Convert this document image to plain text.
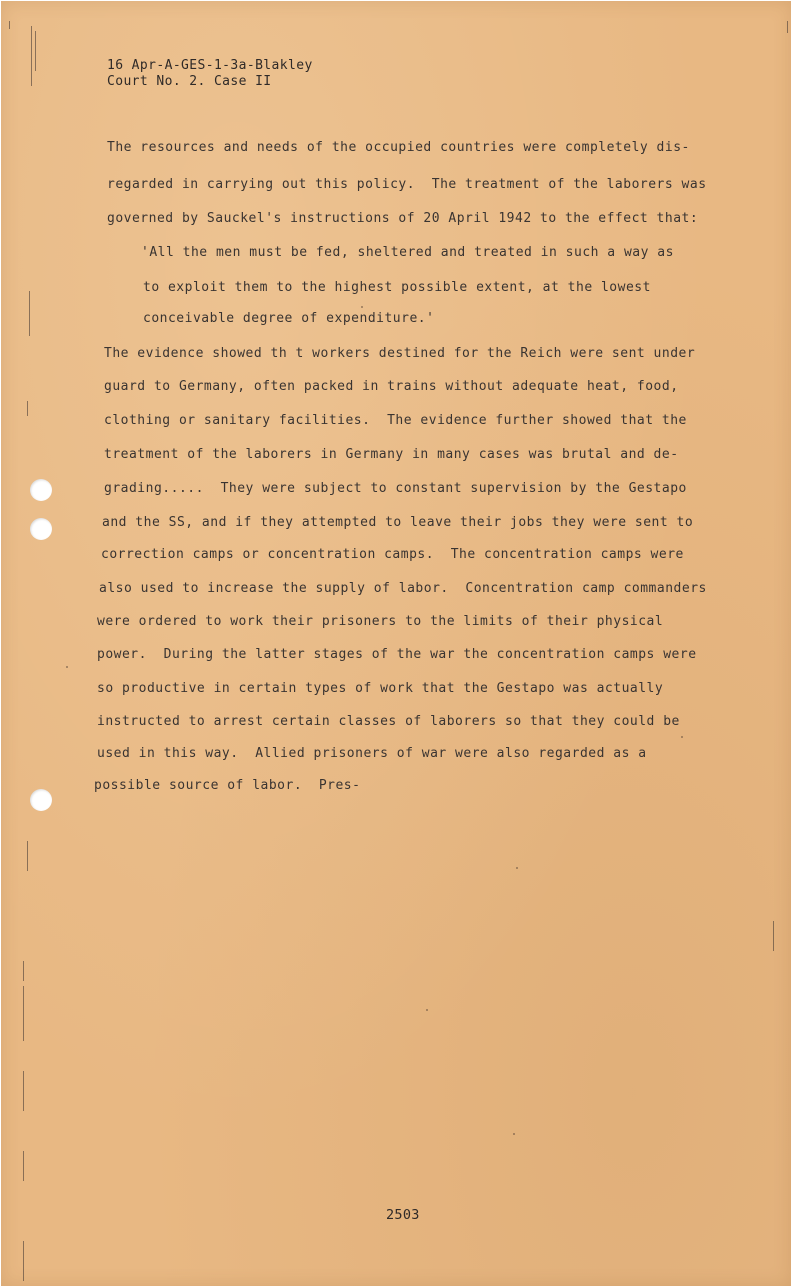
16 Apr-A-GES-1-3a-Blakley
Court No. 2. Case II
The resources and needs of the occupied countries were completely dis-
regarded in carrying out this policy.  The treatment of the laborers was
governed by Sauckel's instructions of 20 April 1942 to the effect that:
'All the men must be fed, sheltered and treated in such a way as
to exploit them to the highest possible extent, at the lowest
conceivable degree of expenditure.'
The evidence showed th t workers destined for the Reich were sent under
guard to Germany, often packed in trains without adequate heat, food,
clothing or sanitary facilities.  The evidence further showed that the
treatment of the laborers in Germany in many cases was brutal and de-
grading.....  They were subject to constant supervision by the Gestapo
and the SS, and if they attempted to leave their jobs they were sent to
correction camps or concentration camps.  The concentration camps were
also used to increase the supply of labor.  Concentration camp commanders
were ordered to work their prisoners to the limits of their physical
power.  During the latter stages of the war the concentration camps were
so productive in certain types of work that the Gestapo was actually
instructed to arrest certain classes of laborers so that they could be
used in this way.  Allied prisoners of war were also regarded as a
possible source of labor.  Pres-
2503
